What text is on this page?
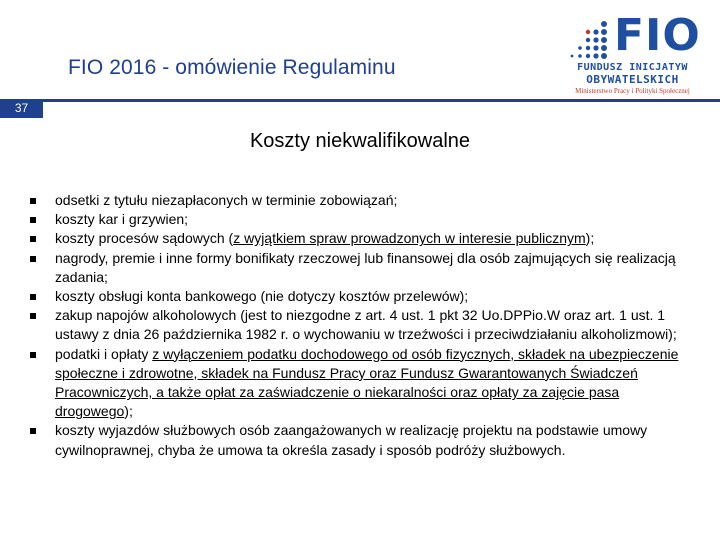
FIO 2016 - omówienie Regulaminu
FIO
FUNDUSZ INICJATYW
OBYWATELSKICH
Ministerstwo Pracy i Polityki Społecznej
37
Koszty niekwalifikowalne
odsetki z tytułu niezapłaconych w terminie zobowiązań;
koszty kar i grzywien;
koszty procesów sądowych (z wyjątkiem spraw prowadzonych w interesie publicznym);
nagrody, premie i inne formy bonifikaty rzeczowej lub finansowej dla osób zajmujących się realizacją zadania;
koszty obsługi konta bankowego (nie dotyczy kosztów przelewów);
zakup napojów alkoholowych (jest to niezgodne z art. 4 ust. 1 pkt 32 Uo.DPPio.W oraz art. 1 ust. 1 ustawy z dnia 26 października 1982 r. o wychowaniu w trzeźwości i przeciwdziałaniu alkoholizmowi);
podatki i opłaty z wyłączeniem podatku dochodowego od osób fizycznych, składek na ubezpieczenie społeczne i zdrowotne, składek na Fundusz Pracy oraz Fundusz Gwarantowanych Świadczeń Pracowniczych, a także opłat za zaświadczenie o niekaralności oraz opłaty za zajęcie pasa drogowego);
koszty wyjazdów służbowych osób zaangażowanych w realizację projektu na podstawie umowy cywilnoprawnej, chyba że umowa ta określa zasady i sposób podróży służbowych.
